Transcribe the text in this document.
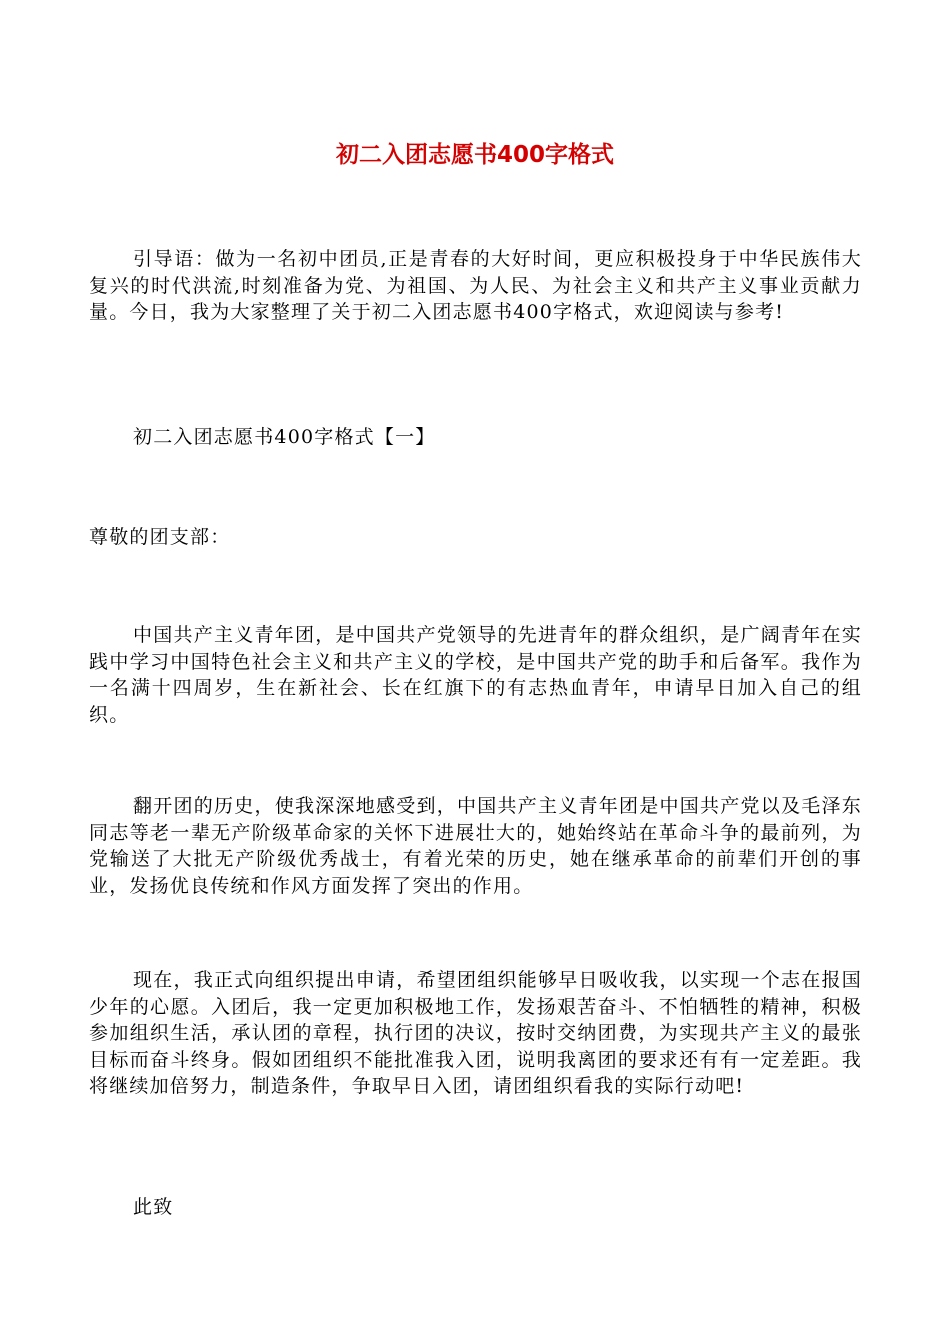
初二入团志愿书400字格式

引导语：做为一名初中团员,正是青春的大好时间，更应积极投身于中华民族伟大复兴的时代洪流,时刻准备为党、为祖国、为人民、为社会主义和共产主义事业贡献力量。今日，我为大家整理了关于初二入团志愿书400字格式，欢迎阅读与参考!

初二入团志愿书400字格式【一】

尊敬的团支部：

中国共产主义青年团，是中国共产党领导的先进青年的群众组织，是广阔青年在实践中学习中国特色社会主义和共产主义的学校，是中国共产党的助手和后备军。我作为一名满十四周岁，生在新社会、长在红旗下的有志热血青年，申请早日加入自己的组织。

翻开团的历史，使我深深地感受到，中国共产主义青年团是中国共产党以及毛泽东同志等老一辈无产阶级革命家的关怀下进展壮大的，她始终站在革命斗争的最前列，为党输送了大批无产阶级优秀战士，有着光荣的历史，她在继承革命的前辈们开创的事业，发扬优良传统和作风方面发挥了突出的作用。

现在，我正式向组织提出申请，希望团组织能够早日吸收我，以实现一个志在报国少年的心愿。入团后，我一定更加积极地工作，发扬艰苦奋斗、不怕牺牲的精神，积极参加组织生活，承认团的章程，执行团的决议，按时交纳团费，为实现共产主义的最张目标而奋斗终身。假如团组织不能批准我入团，说明我离团的要求还有有一定差距。我将继续加倍努力，制造条件，争取早日入团，请团组织看我的实际行动吧!

此致
